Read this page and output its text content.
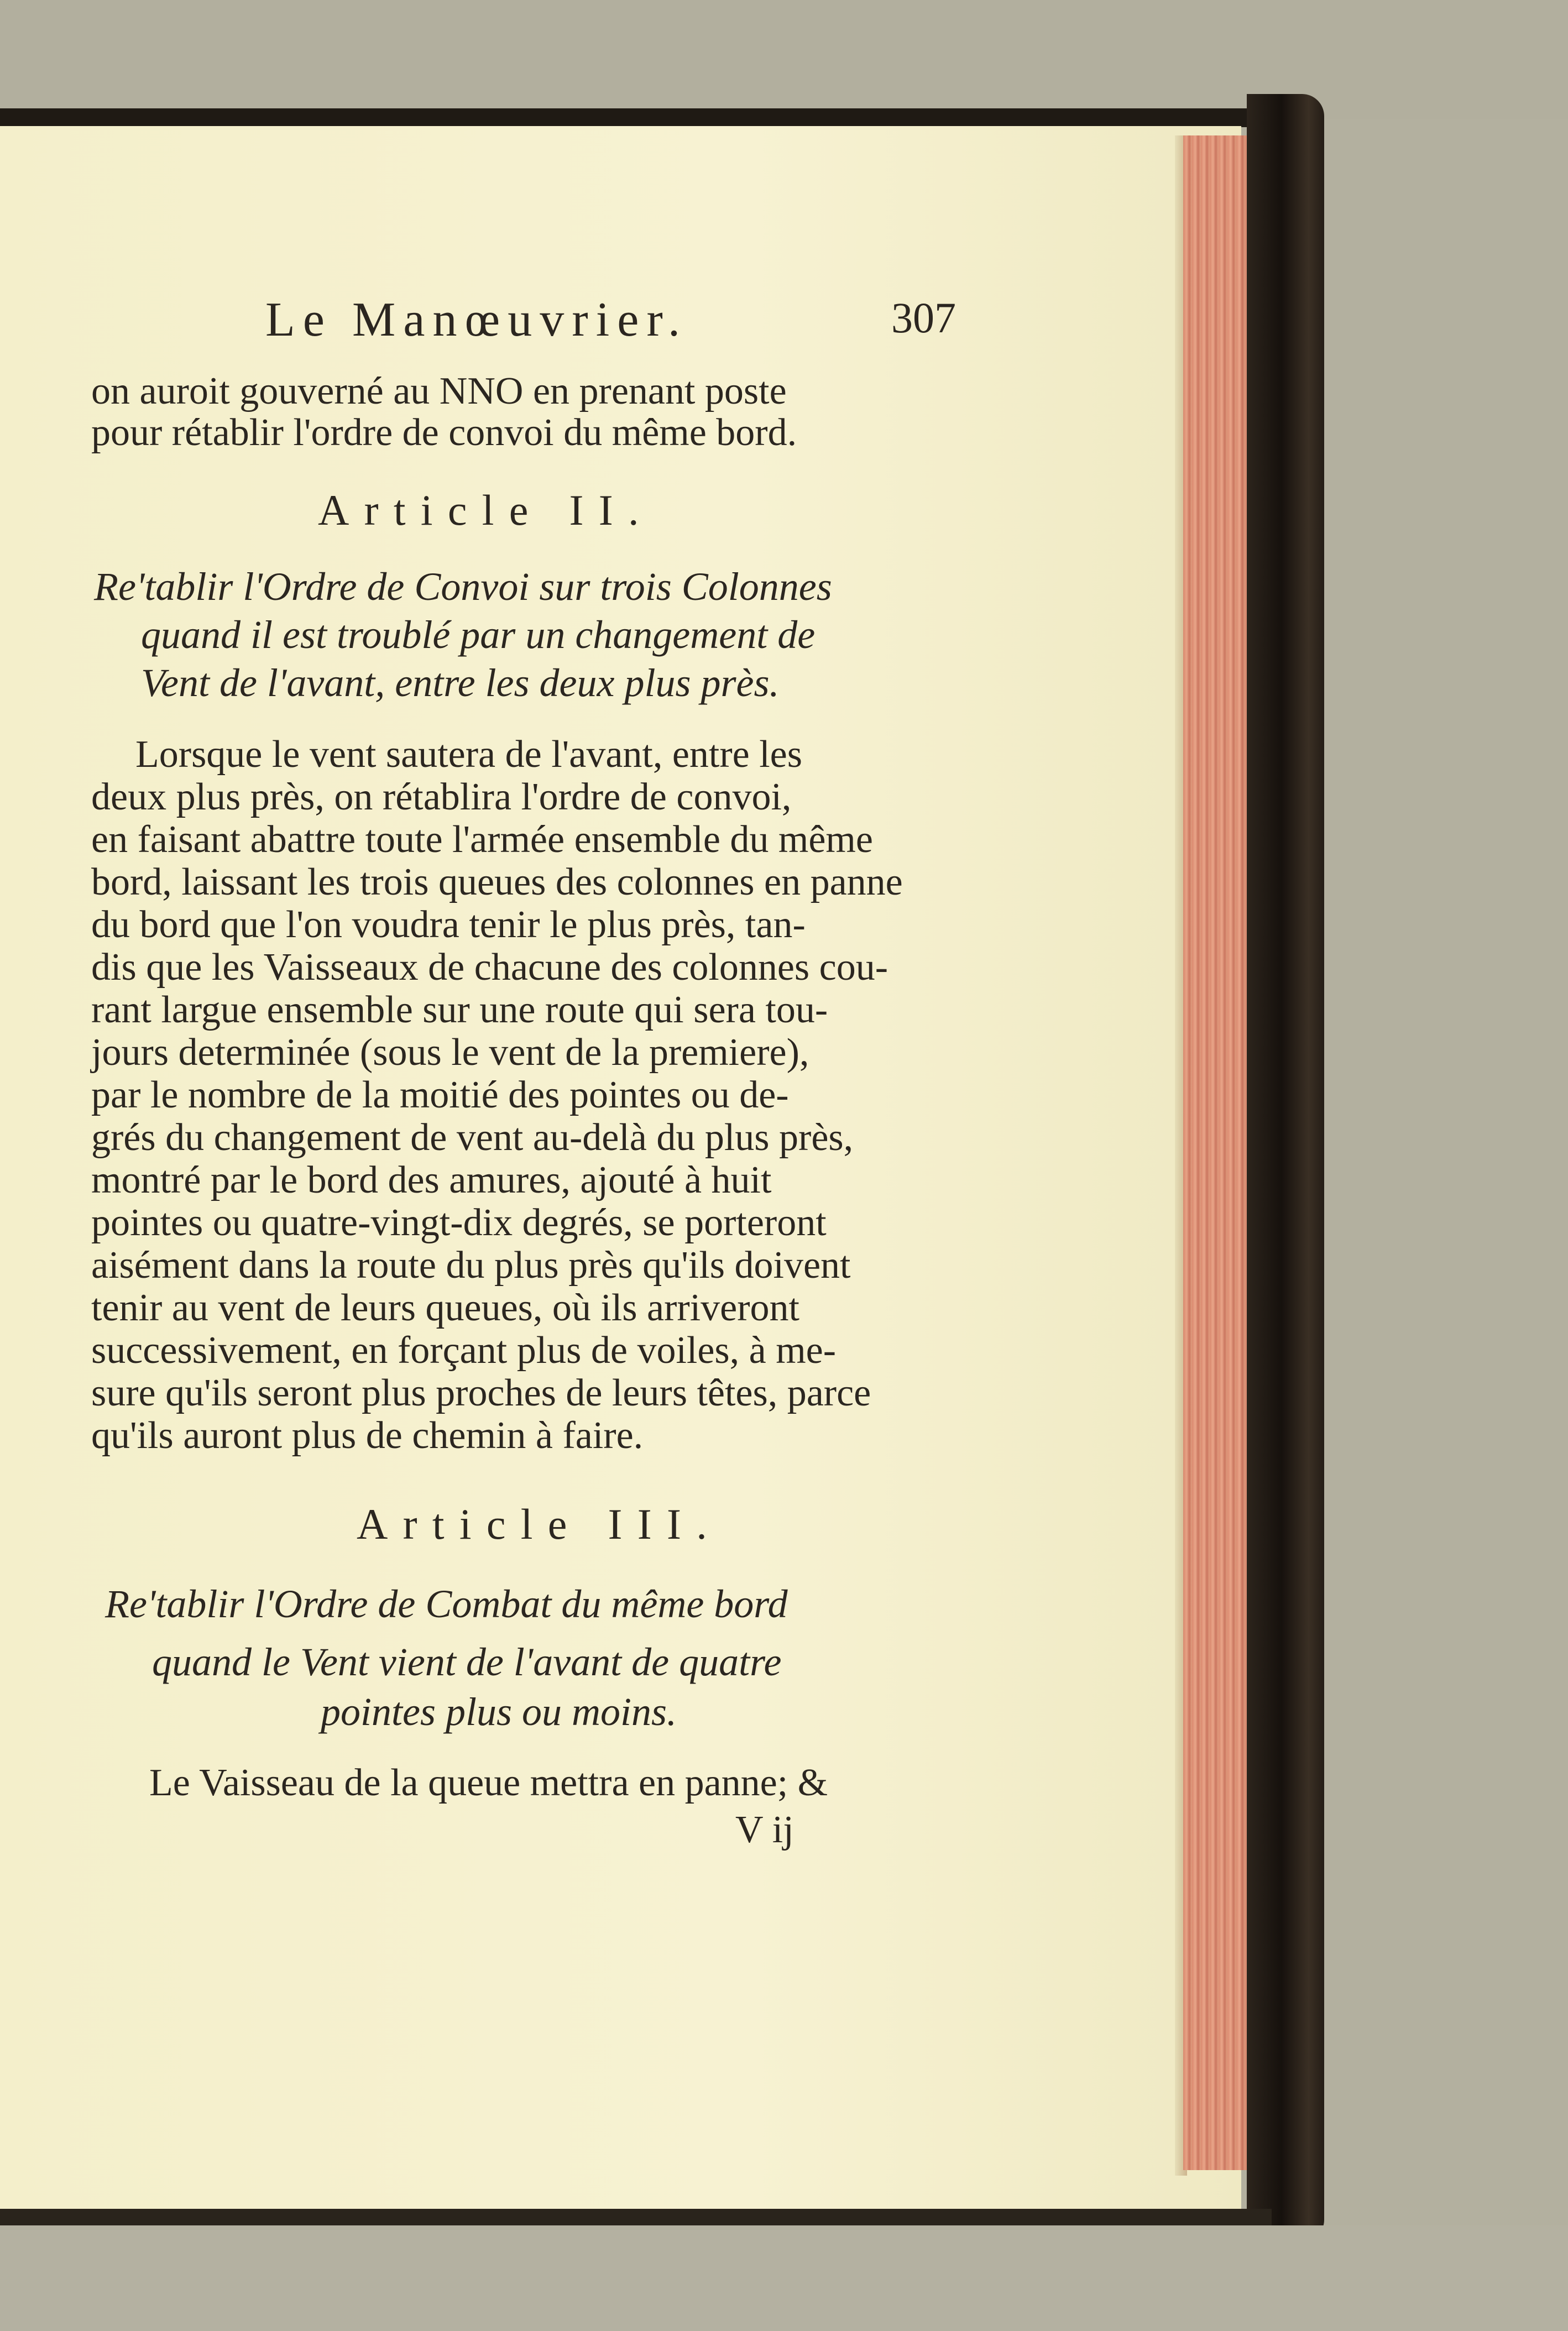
Le Manœuvrier.	307
on auroit gouverné au NNO en prenant poste
pour rétablir l'ordre de convoi du même bord.
Article II.
Re'tablir l'Ordre de Convoi sur trois Colonnes
quand il est troublé par un changement de
Vent de l'avant, entre les deux plus près.
Lorsque le vent sautera de l'avant, entre les
deux plus près, on rétablira l'ordre de convoi,
en faisant abattre toute l'armée ensemble du même
bord, laissant les trois queues des colonnes en panne
du bord que l'on voudra tenir le plus près, tan-
dis que les Vaisseaux de chacune des colonnes cou-
rant largue ensemble sur une route qui sera tou-
jours determinée (sous le vent de la premiere),
par le nombre de la moitié des pointes ou de-
grés du changement de vent au-delà du plus près,
montré par le bord des amures, ajouté à huit
pointes ou quatre-vingt-dix degrés, se porteront
aisément dans la route du plus près qu'ils doivent
tenir au vent de leurs queues, où ils arriveront
successivement, en forçant plus de voiles, à me-
sure qu'ils seront plus proches de leurs têtes, parce
qu'ils auront plus de chemin à faire.
Article III.
Re'tablir l'Ordre de Combat du même bord
quand le Vent vient de l'avant de quatre
pointes plus ou moins.
Le Vaisseau de la queue mettra en panne; &
V ij
